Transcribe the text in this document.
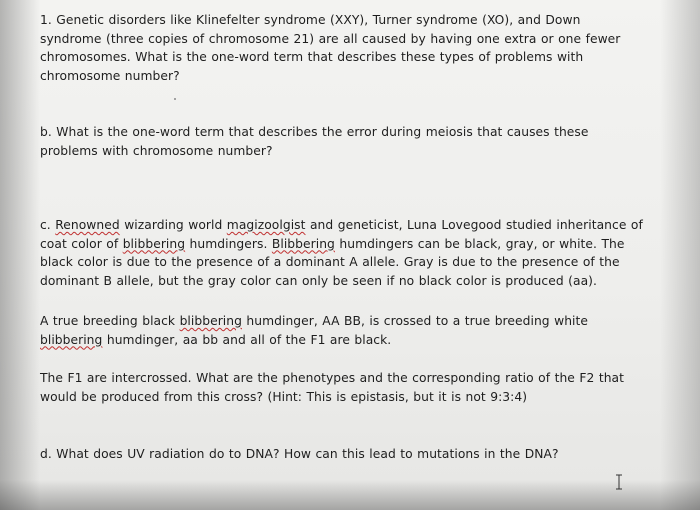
1. Genetic disorders like Klinefelter syndrome (XXY), Turner syndrome (XO), and Down
syndrome (three copies of chromosome 21) are all caused by having one extra or one fewer
chromosomes. What is the one-word term that describes these types of problems with
chromosome number?
b. What is the one-word term that describes the error during meiosis that causes these
problems with chromosome number?
c. Renowned wizarding world magizoolgist and geneticist, Luna Lovegood studied inheritance of
coat color of blibbering humdingers. Blibbering humdingers can be black, gray, or white. The
black color is due to the presence of a dominant A allele. Gray is due to the presence of the
dominant B allele, but the gray color can only be seen if no black color is produced (aa).
A true breeding black blibbering humdinger, AA BB, is crossed to a true breeding white
blibbering humdinger, aa bb and all of the F1 are black.
The F1 are intercrossed. What are the phenotypes and the corresponding ratio of the F2 that
would be produced from this cross? (Hint: This is epistasis, but it is not 9:3:4)
d. What does UV radiation do to DNA? How can this lead to mutations in the DNA?
